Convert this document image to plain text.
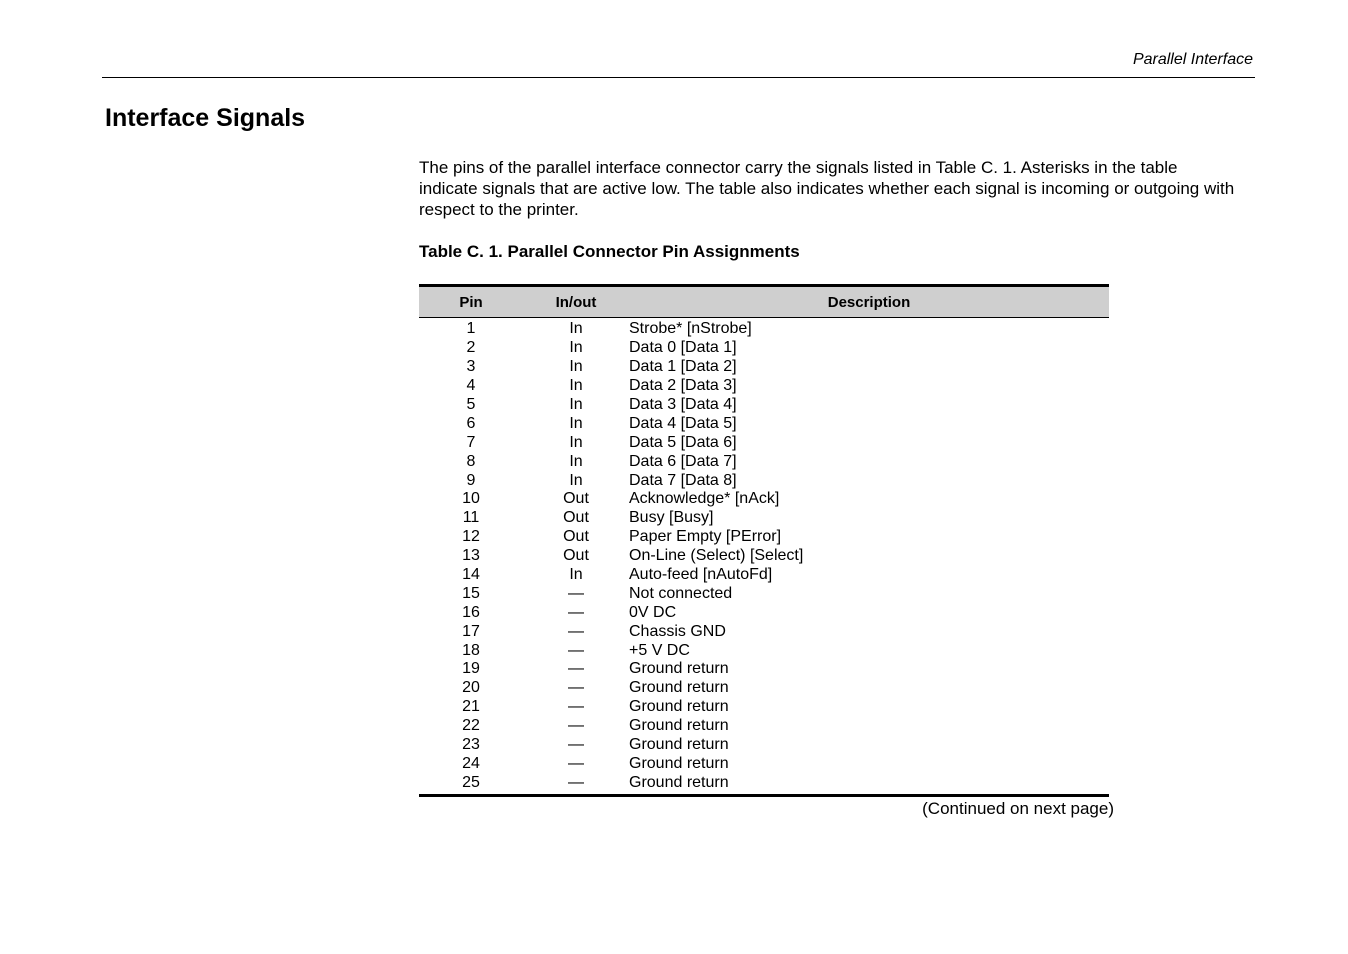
Parallel Interface
Interface Signals

The pins of the parallel interface connector carry the signals listed in Table C. 1. Asterisks in the table indicate signals that are active low. The table also indicates whether each signal is incoming or outgoing with respect to the printer.

Table C. 1. Parallel Connector Pin Assignments

Pin	In/out	Description
1	In	Strobe* [nStrobe]
2	In	Data 0 [Data 1]
3	In	Data 1 [Data 2]
4	In	Data 2 [Data 3]
5	In	Data 3 [Data 4]
6	In	Data 4 [Data 5]
7	In	Data 5 [Data 6]
8	In	Data 6 [Data 7]
9	In	Data 7 [Data 8]
10	Out	Acknowledge* [nAck]
11	Out	Busy [Busy]
12	Out	Paper Empty [PError]
13	Out	On-Line (Select) [Select]
14	In	Auto-feed [nAutoFd]
15	—	Not connected
16	—	0V DC
17	—	Chassis GND
18	—	+5 V DC
19	—	Ground return
20	—	Ground return
21	—	Ground return
22	—	Ground return
23	—	Ground return
24	—	Ground return
25	—	Ground return
(Continued on next page)
